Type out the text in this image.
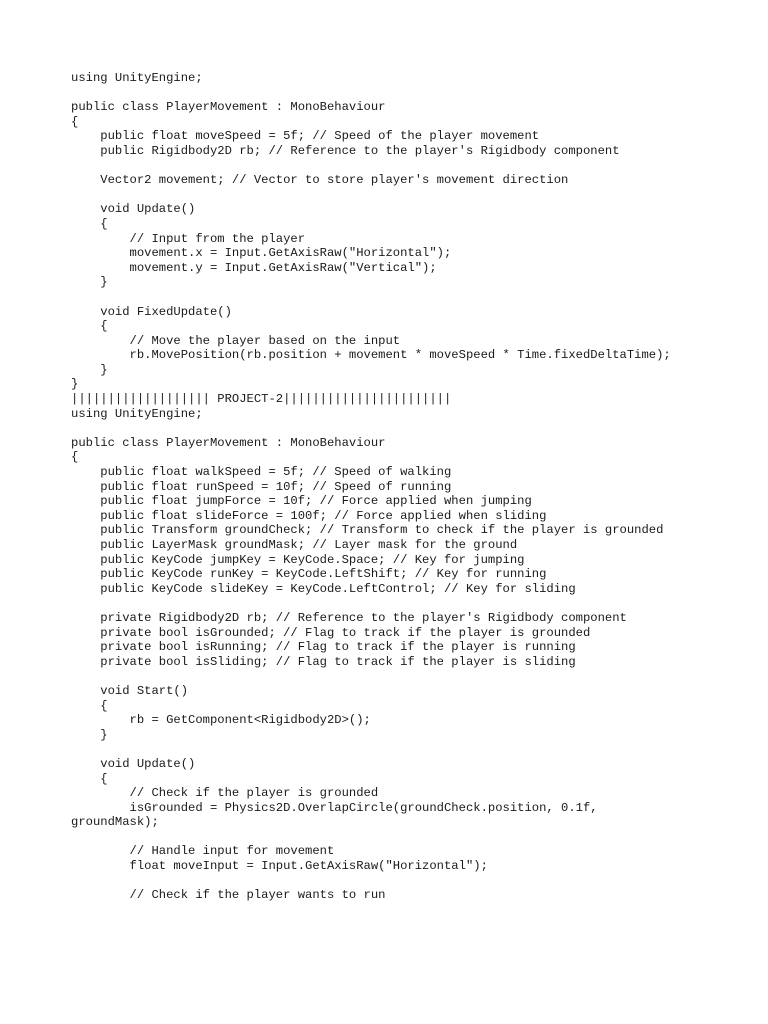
using UnityEngine;
public class PlayerMovement : MonoBehaviour
{
public float moveSpeed = 5f; // Speed of the player movement
public Rigidbody2D rb; // Reference to the player's Rigidbody component
Vector2 movement; // Vector to store player's movement direction
void Update()
{
// Input from the player
movement.x = Input.GetAxisRaw("Horizontal");
movement.y = Input.GetAxisRaw("Vertical");
}
void FixedUpdate()
{
// Move the player based on the input
rb.MovePosition(rb.position + movement * moveSpeed * Time.fixedDeltaTime);
}
}
||||||||||||||||||| PROJECT-2|||||||||||||||||||||||
using UnityEngine;
public class PlayerMovement : MonoBehaviour
{
public float walkSpeed = 5f; // Speed of walking
public float runSpeed = 10f; // Speed of running
public float jumpForce = 10f; // Force applied when jumping
public float slideForce = 100f; // Force applied when sliding
public Transform groundCheck; // Transform to check if the player is grounded
public LayerMask groundMask; // Layer mask for the ground
public KeyCode jumpKey = KeyCode.Space; // Key for jumping
public KeyCode runKey = KeyCode.LeftShift; // Key for running
public KeyCode slideKey = KeyCode.LeftControl; // Key for sliding
private Rigidbody2D rb; // Reference to the player's Rigidbody component
private bool isGrounded; // Flag to track if the player is grounded
private bool isRunning; // Flag to track if the player is running
private bool isSliding; // Flag to track if the player is sliding
void Start()
{
rb = GetComponent<Rigidbody2D>();
}
void Update()
{
// Check if the player is grounded
isGrounded = Physics2D.OverlapCircle(groundCheck.position, 0.1f,
groundMask);
// Handle input for movement
float moveInput = Input.GetAxisRaw("Horizontal");
// Check if the player wants to run
